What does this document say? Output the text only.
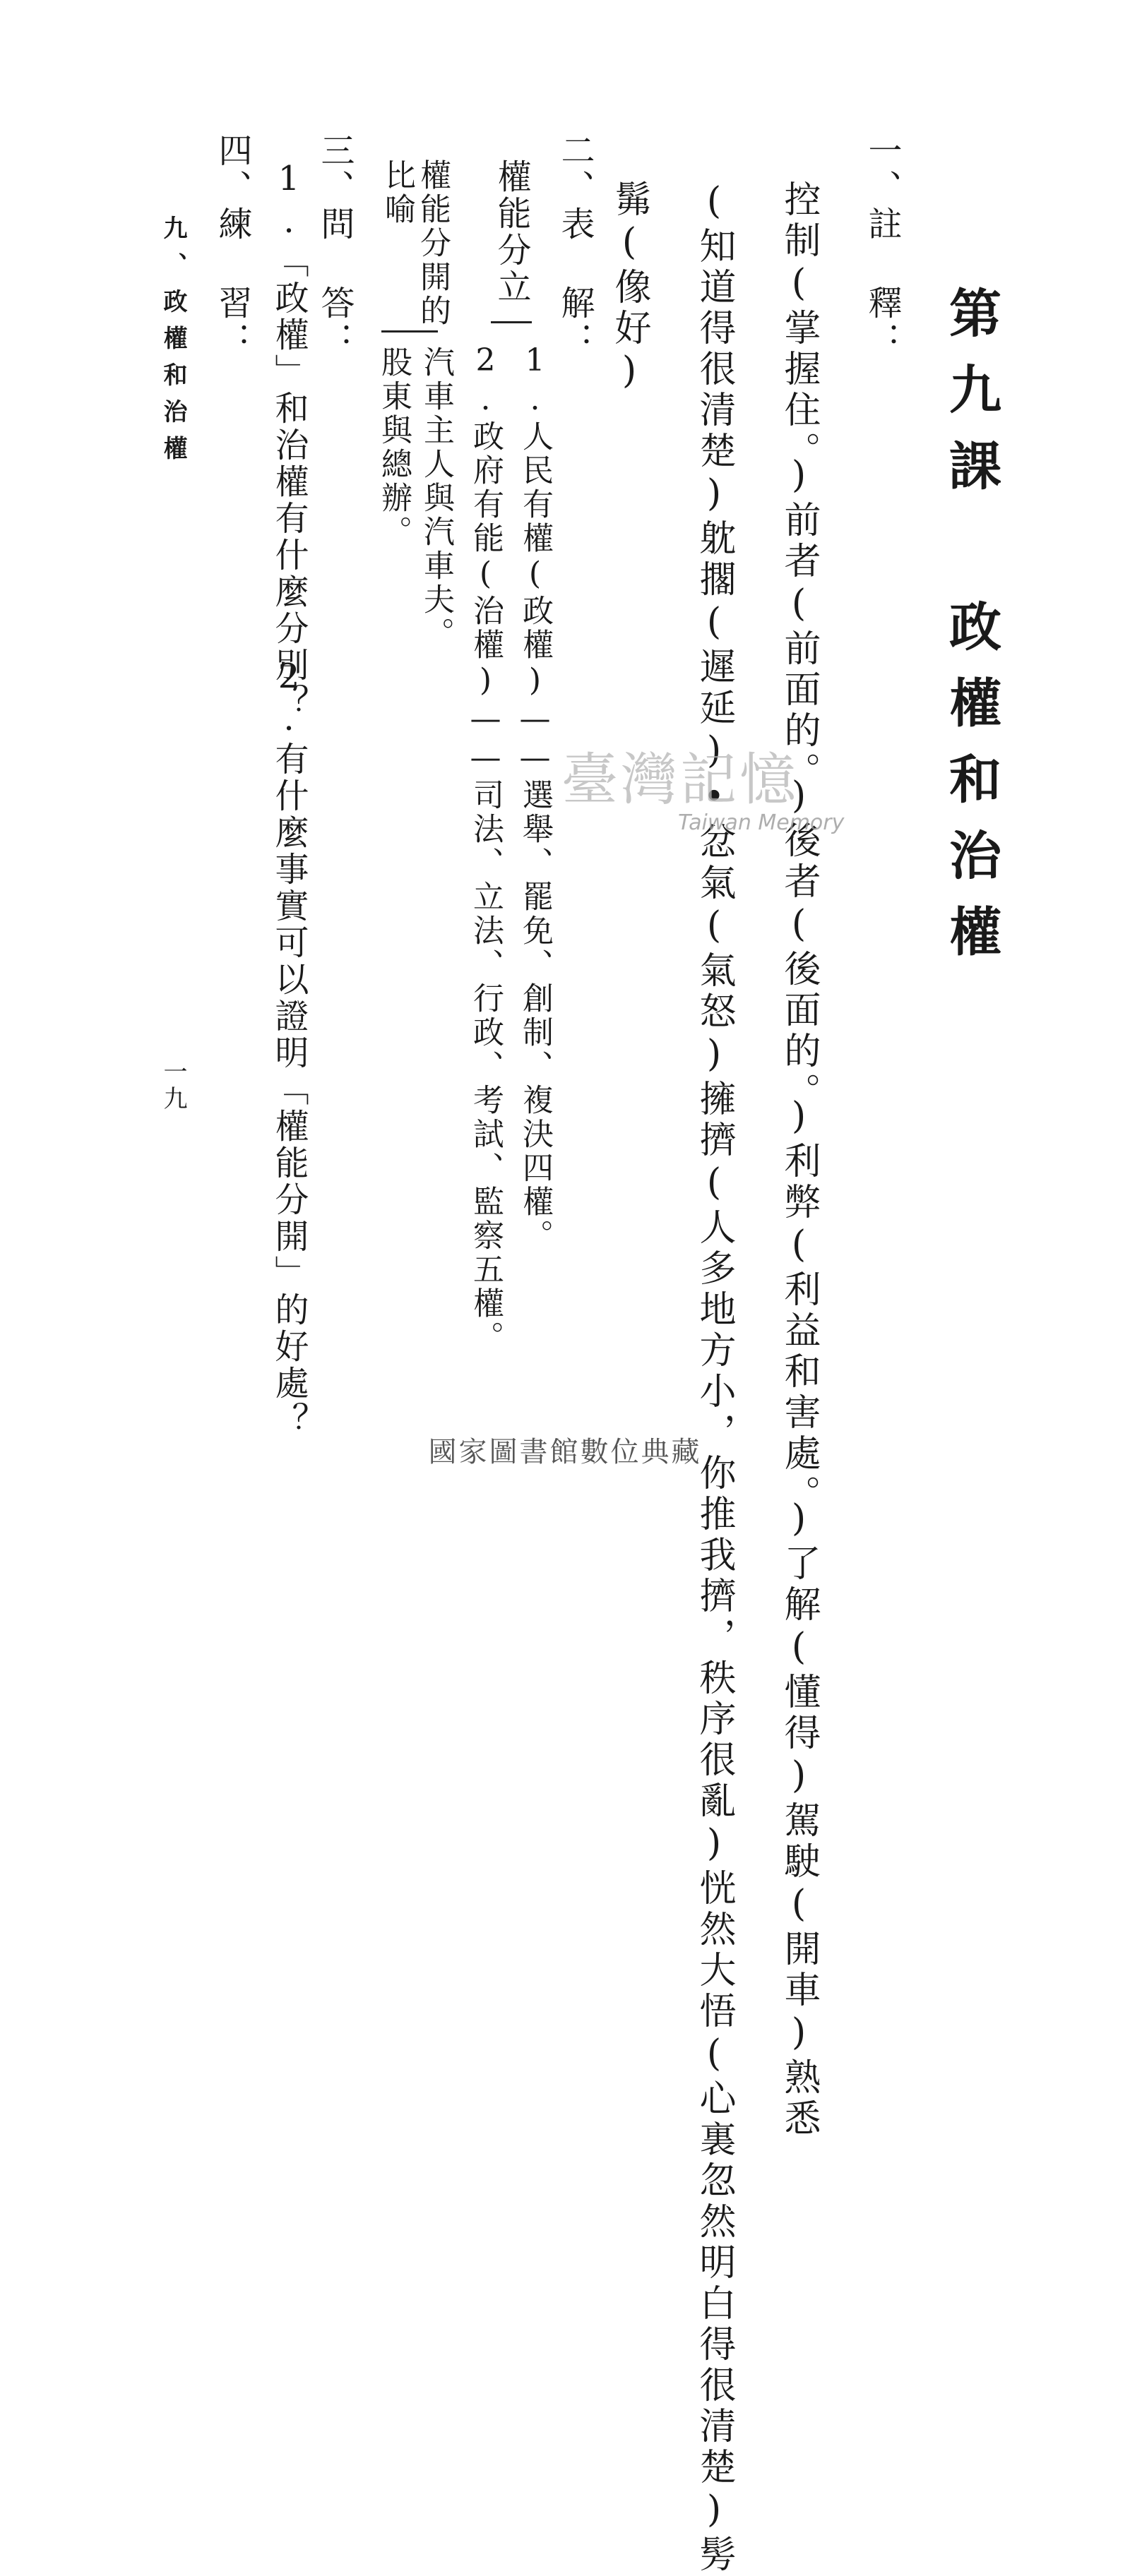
第九課 政權和治權
一、註 釋：
控制(掌握住。)前者(前面的。)後者(後面的。)利弊(利益和害處。)了解(懂得)駕駛(開車)熟悉
(知道得很清楚)躭擱(遲延)•忿氣(氣怒)擁擠(人多地方小，你推我擠，秩序很亂)恍然大悟(心裏忽然明白得很清楚)髣
髴(像好)
二、表 解：
權能分立
1.人民有權(政權)——選舉、罷免、創制、複決四權。
2.政府有能(治權)——司法、立法、行政、考試、監察五權。
權能分開的
比喻
汽車主人與汽車夫。
股東與總辦。
三、問 答：
1.「政權」和治權有什麼分別？
2.有什麼事實可以證明「權能分開」的好處？
四、練 習：
九、政權和治權
一九
臺灣記憶
Taiwan Memory
國家圖書館數位典藏
